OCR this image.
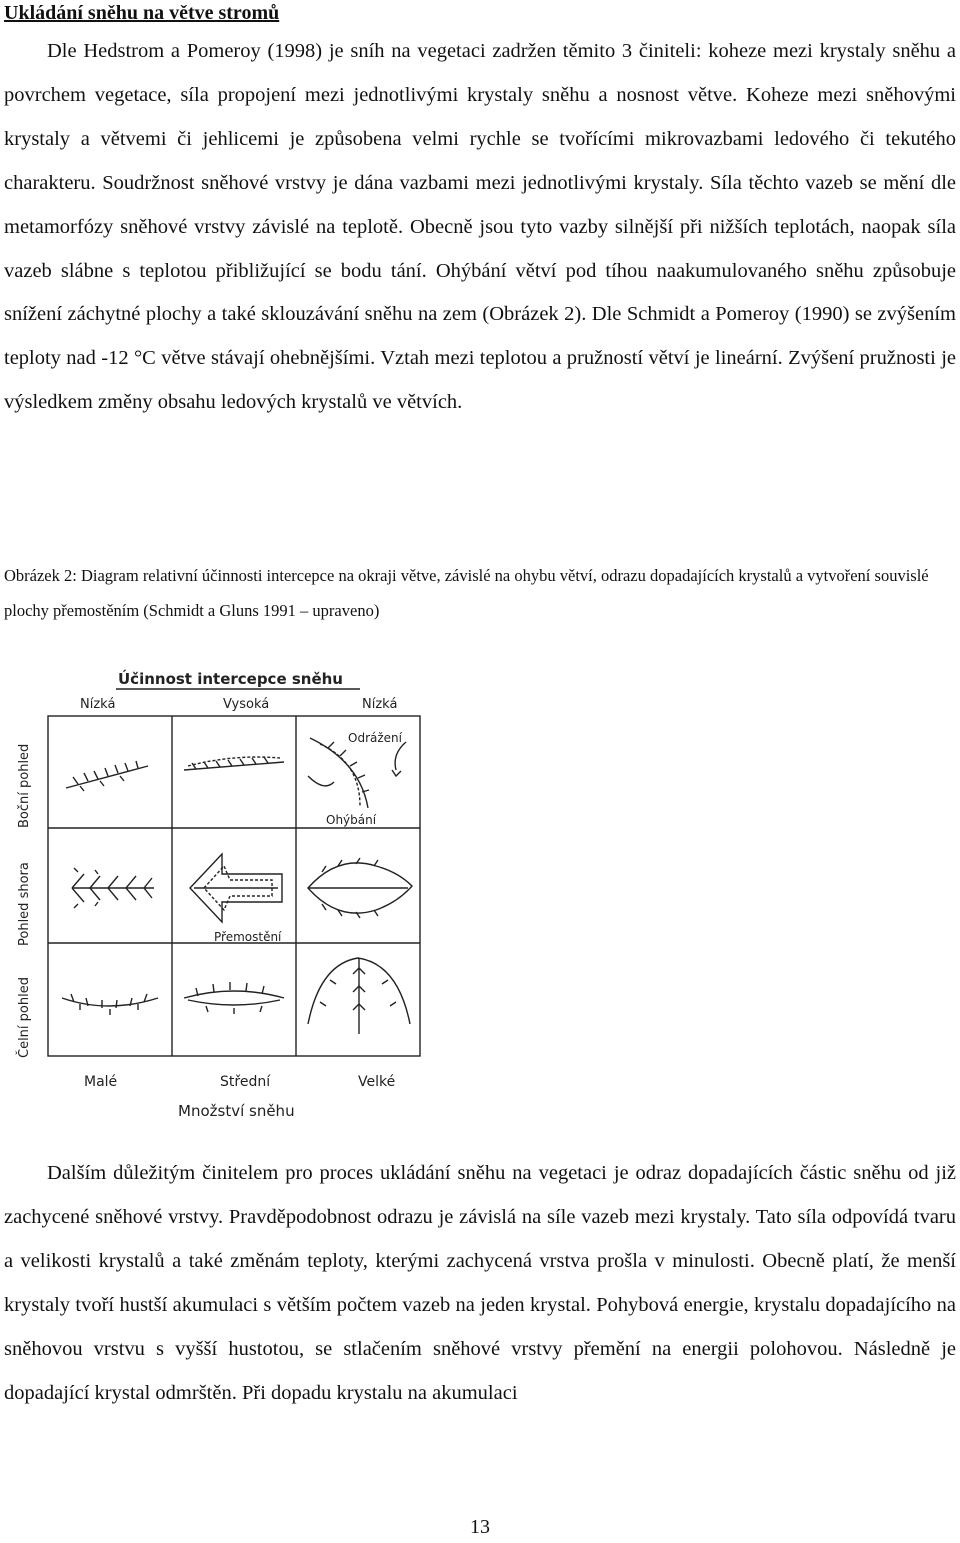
Ukládání sněhu na větve stromů

Dle Hedstrom a Pomeroy (1998) je sníh na vegetaci zadržen těmito 3 činiteli: koheze mezi krystaly sněhu a povrchem vegetace, síla propojení mezi jednotlivými krystaly sněhu a nosnost větve. Koheze mezi sněhovými krystaly a větvemi či jehlicemi je způsobena velmi rychle se tvořícími mikrovazbami ledového či tekutého charakteru. Soudržnost sněhové vrstvy je dána vazbami mezi jednotlivými krystaly. Síla těchto vazeb se mění dle metamorfózy sněhové vrstvy závislé na teplotě. Obecně jsou tyto vazby silnější při nižších teplotách, naopak síla vazeb slábne s teplotou přibližující se bodu tání. Ohýbání větví pod tíhou naakumulovaného sněhu způsobuje snížení záchytné plochy a také sklouzávání sněhu na zem (Obrázek 2). Dle Schmidt a Pomeroy (1990) se zvýšením teploty nad -12 °C větve stávají ohebnějšími. Vztah mezi teplotou a pružností větví je lineární. Zvýšení pružnosti je výsledkem změny obsahu ledových krystalů ve větvích.

Obrázek 2: Diagram relativní účinnosti intercepce na okraji větve, závislé na ohybu větví, odrazu dopadajících krystalů a vytvoření souvislé plochy přemostěním (Schmidt a Gluns 1991 – upraveno)

Účinnost intercepce sněhu
Nízká	Vysoká	Nízká
Boční pohled
Pohled shora
Čelní pohled
Odrážení
Ohýbání
Přemostění
Malé	Střední	Velké
Množství sněhu

Dalším důležitým činitelem pro proces ukládání sněhu na vegetaci je odraz dopadajících částic sněhu od již zachycené sněhové vrstvy. Pravděpodobnost odrazu je závislá na síle vazeb mezi krystaly. Tato síla odpovídá tvaru a velikosti krystalů a také změnám teploty, kterými zachycená vrstva prošla v minulosti. Obecně platí, že menší krystaly tvoří hustší akumulaci s větším počtem vazeb na jeden krystal. Pohybová energie, krystalu dopadajícího na sněhovou vrstvu s vyšší hustotou, se stlačením sněhové vrstvy přemění na energii polohovou. Následně je dopadající krystal odmrštěn. Při dopadu krystalu na akumulaci

13
